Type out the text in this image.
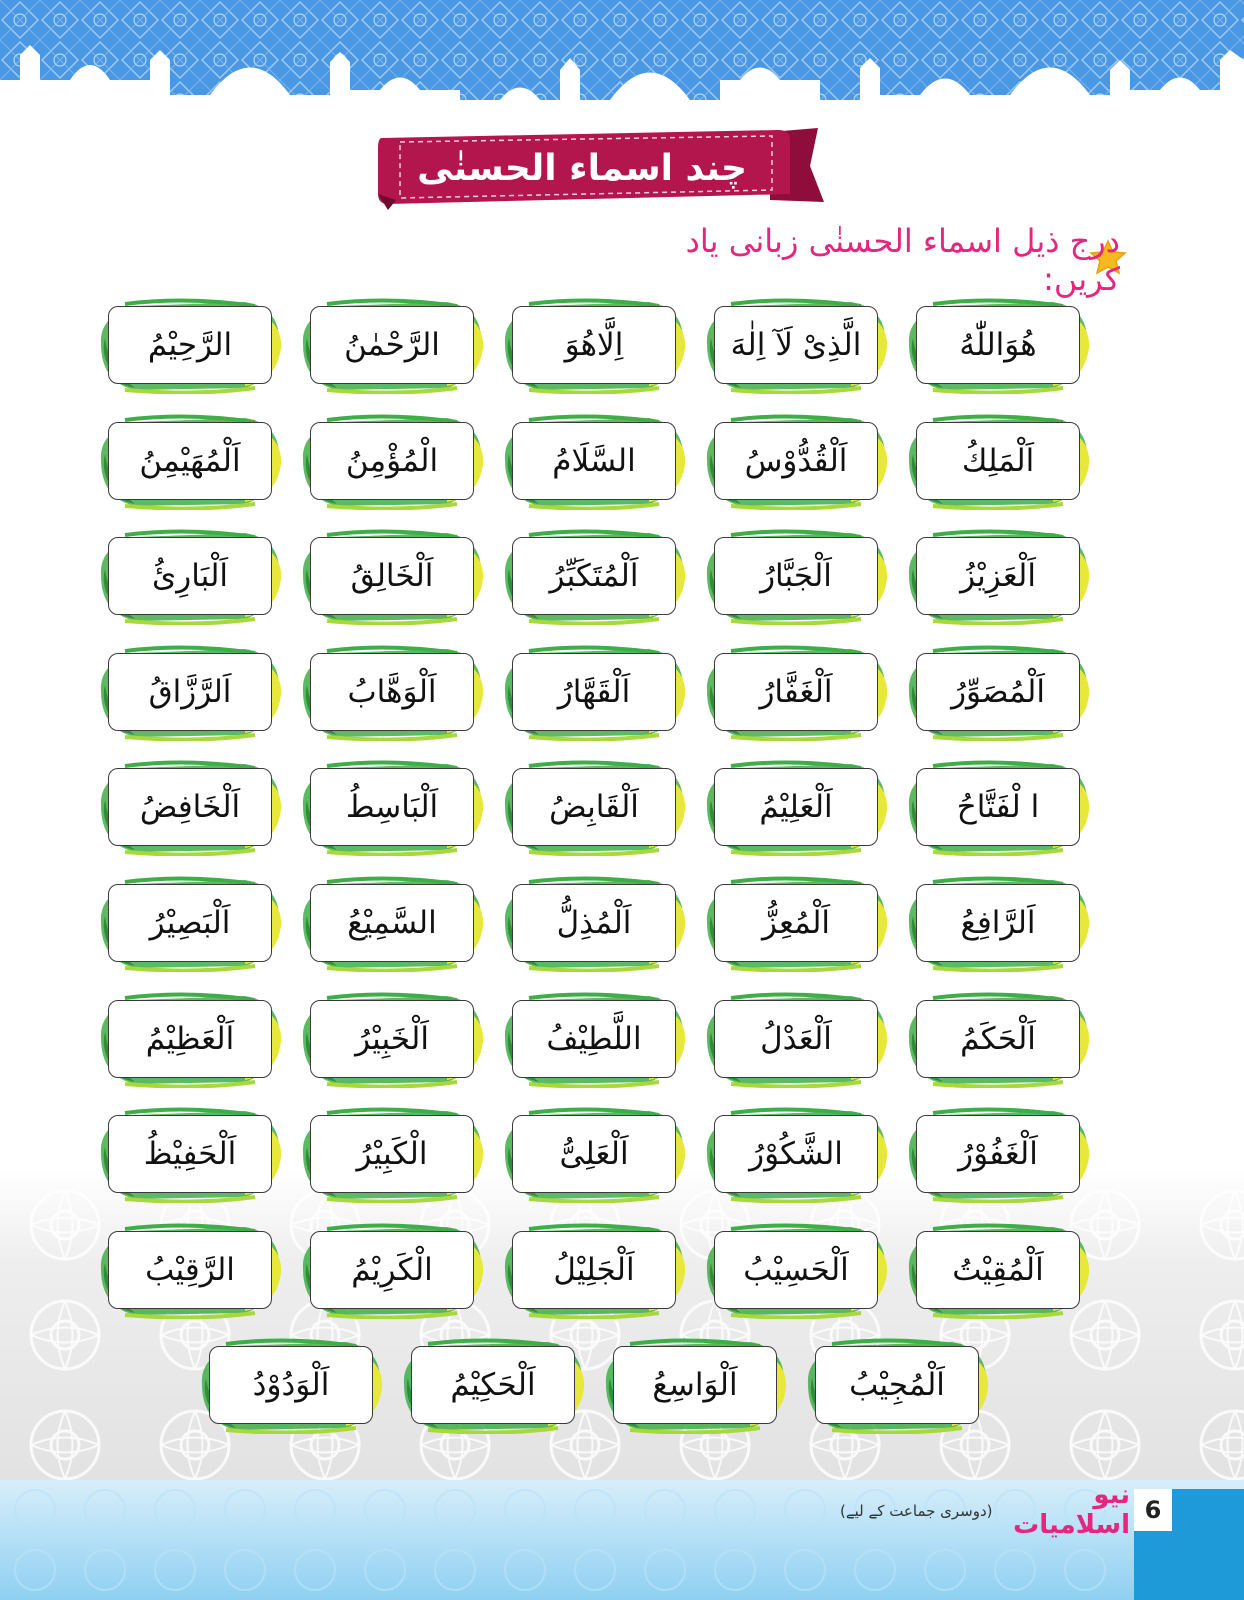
چند اسماء الحسنٰی
درج ذیل اسماء الحسنٰی زبانی یاد کریں:
هُوَاللّٰهُ
الَّذِیْ لَآ اِلٰهَ
اِلَّاهُوَ
الرَّحْمٰنُ
الرَّحِیْمُ
اَلْمَلِكُ
اَلْقُدُّوْسُ
السَّلَامُ
الْمُؤْمِنُ
اَلْمُهَیْمِنُ
اَلْعَزِیْزُ
اَلْجَبَّارُ
اَلْمُتَكَبِّرُ
اَلْخَالِقُ
اَلْبَارِئُ
اَلْمُصَوِّرُ
اَلْغَفَّارُ
اَلْقَهَّارُ
اَلْوَهَّابُ
اَلرَّزَّاقُ
ا لْفَتَّاحُ
اَلْعَلِیْمُ
اَلْقَابِضُ
اَلْبَاسِطُ
اَلْخَافِضُ
اَلرَّافِعُ
اَلْمُعِزُّ
اَلْمُذِلُّ
السَّمِیْعُ
اَلْبَصِیْرُ
اَلْحَكَمُ
اَلْعَدْلُ
اللَّطِیْفُ
اَلْخَبِیْرُ
اَلْعَظِیْمُ
اَلْغَفُوْرُ
الشَّكُوْرُ
اَلْعَلِیُّ
الْكَبِیْرُ
اَلْحَفِیْظُ
اَلْمُقِیْتُ
اَلْحَسِیْبُ
اَلْجَلِیْلُ
الْكَرِیْمُ
الرَّقِیْبُ
اَلْمُجِیْبُ
اَلْوَاسِعُ
اَلْحَكِیْمُ
اَلْوَدُوْدُ
6
نیو اسلامیات
(دوسری جماعت کے لیے)
